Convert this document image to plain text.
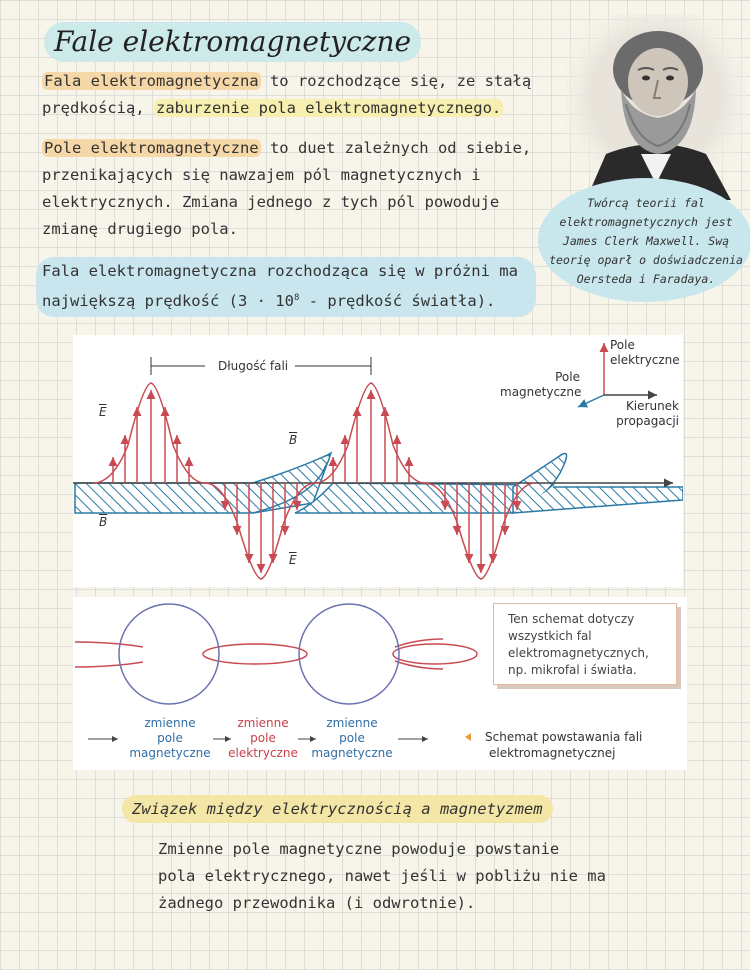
Fale elektromagnetyczne
Fala elektromagnetyczna to rozchodzące się, ze stałą
prędkością, zaburzenie pola elektromagnetycznego.
Pole elektromagnetyczne to duet zależnych od siebie,
przenikających się nawzajem pól magnetycznych i
elektrycznych. Zmiana jednego z tych pól powoduje
zmianę drugiego pola.
Fala elektromagnetyczna rozchodząca się w próżni ma
największą prędkość ($3 \cdot 10^8$ - prędkość światła).
Twórcą teorii fal
elektromagnetycznych jest
James Clerk Maxwell. Swą
teorię oparł o doświadczenia
Oersteda i Faradaya.
Długość fali
$\overline{E}$
$\overline{B}$
$\overline{B}$
$\overline{E}$
Pole
elektryczne
Pole
magnetyczne
Kierunek
propagacji
zmienne
pole
magnetyczne
zmienne
pole
elektryczne
zmienne
pole
magnetyczne
Schemat powstawania fali
elektromagnetycznej
Ten schemat dotyczy
wszystkich fal
elektromagnetycznych,
np. mikrofal i światła.
Związek między elektrycznością a magnetyzmem
Zmienne pole magnetyczne powoduje powstanie
pola elektrycznego, nawet jeśli w pobliżu nie ma
żadnego przewodnika (i odwrotnie).
